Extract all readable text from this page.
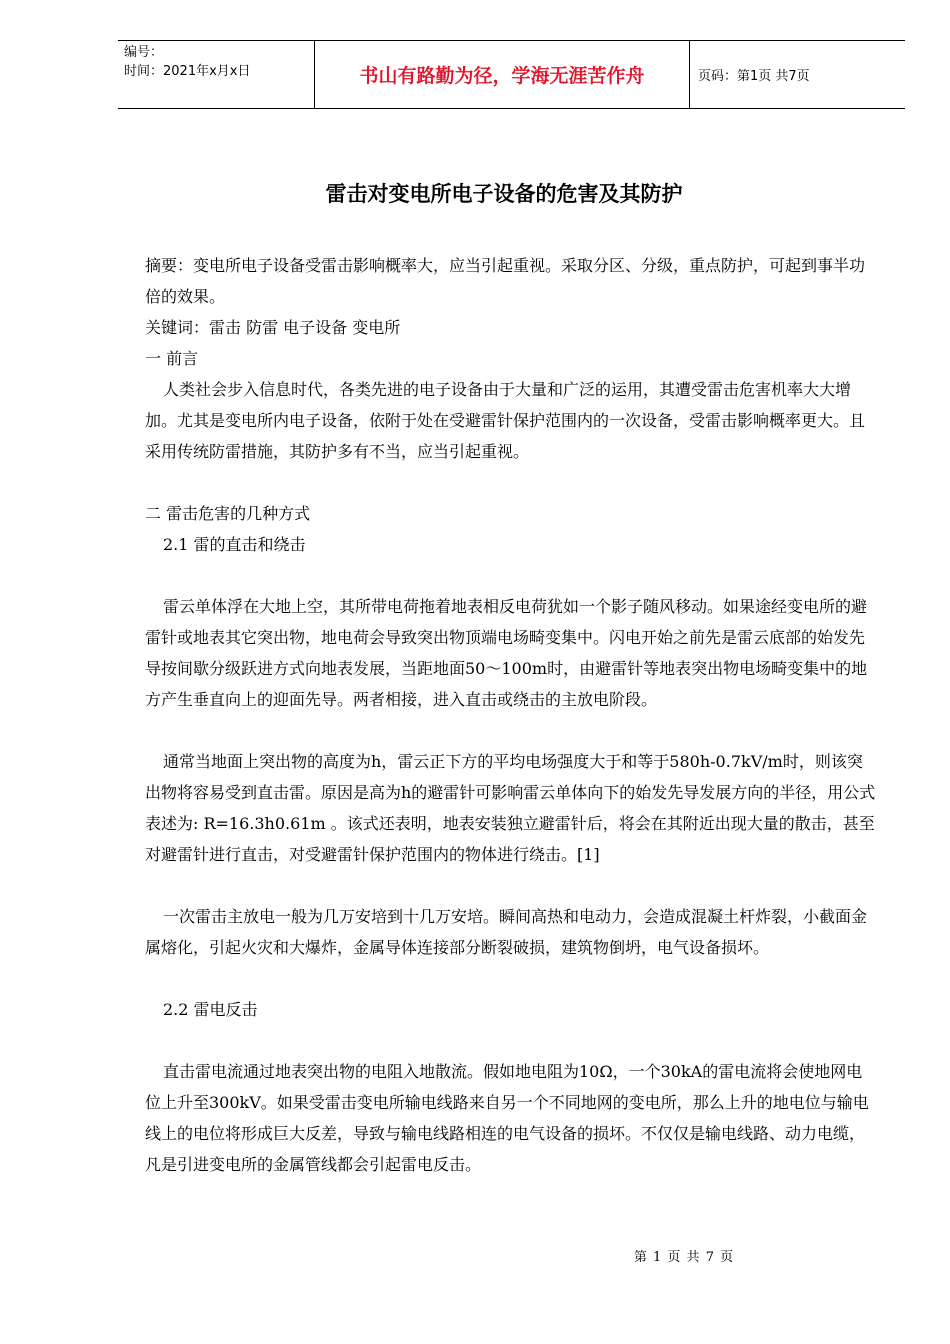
编号：
时间：2021年x月x日	书山有路勤为径，学海无涯苦作舟	页码：第1页 共7页
雷击对变电所电子设备的危害及其防护

摘要：变电所电子设备受雷击影响概率大，应当引起重视。采取分区、分级，重点防护，可起到事半功倍的效果。

关键词：雷击 防雷 电子设备 变电所

一 前言

人类社会步入信息时代，各类先进的电子设备由于大量和广泛的运用，其遭受雷击危害机率大大增加。尤其是变电所内电子设备，依附于处在受避雷针保护范围内的一次设备，受雷击影响概率更大。且采用传统防雷措施，其防护多有不当，应当引起重视。

二 雷击危害的几种方式

2.1 雷的直击和绕击

雷云单体浮在大地上空，其所带电荷拖着地表相反电荷犹如一个影子随风移动。如果途经变电所的避雷针或地表其它突出物，地电荷会导致突出物顶端电场畸变集中。闪电开始之前先是雷云底部的始发先导按间歇分级跃进方式向地表发展，当距地面50～100m时，由避雷针等地表突出物电场畸变集中的地方产生垂直向上的迎面先导。两者相接，进入直击或绕击的主放电阶段。

通常当地面上突出物的高度为h，雷云正下方的平均电场强度大于和等于580h-0.7kV/m时，则该突出物将容易受到直击雷。原因是高为h的避雷针可影响雷云单体向下的始发先导发展方向的半径，用公式表述为: R=16.3h0.61m 。该式还表明，地表安装独立避雷针后，将会在其附近出现大量的散击，甚至对避雷针进行直击，对受避雷针保护范围内的物体进行绕击。[1]

一次雷击主放电一般为几万安培到十几万安培。瞬间高热和电动力，会造成混凝土杆炸裂，小截面金属熔化，引起火灾和大爆炸，金属导体连接部分断裂破损，建筑物倒坍，电气设备损坏。

2.2 雷电反击

直击雷电流通过地表突出物的电阻入地散流。假如地电阻为10Ω，一个30kA的雷电流将会使地网电位上升至300kV。如果受雷击变电所输电线路来自另一个不同地网的变电所，那么上升的地电位与输电线上的电位将形成巨大反差，导致与输电线路相连的电气设备的损坏。不仅仅是输电线路、动力电缆，凡是引进变电所的金属管线都会引起雷电反击。

第 1 页 共 7 页
